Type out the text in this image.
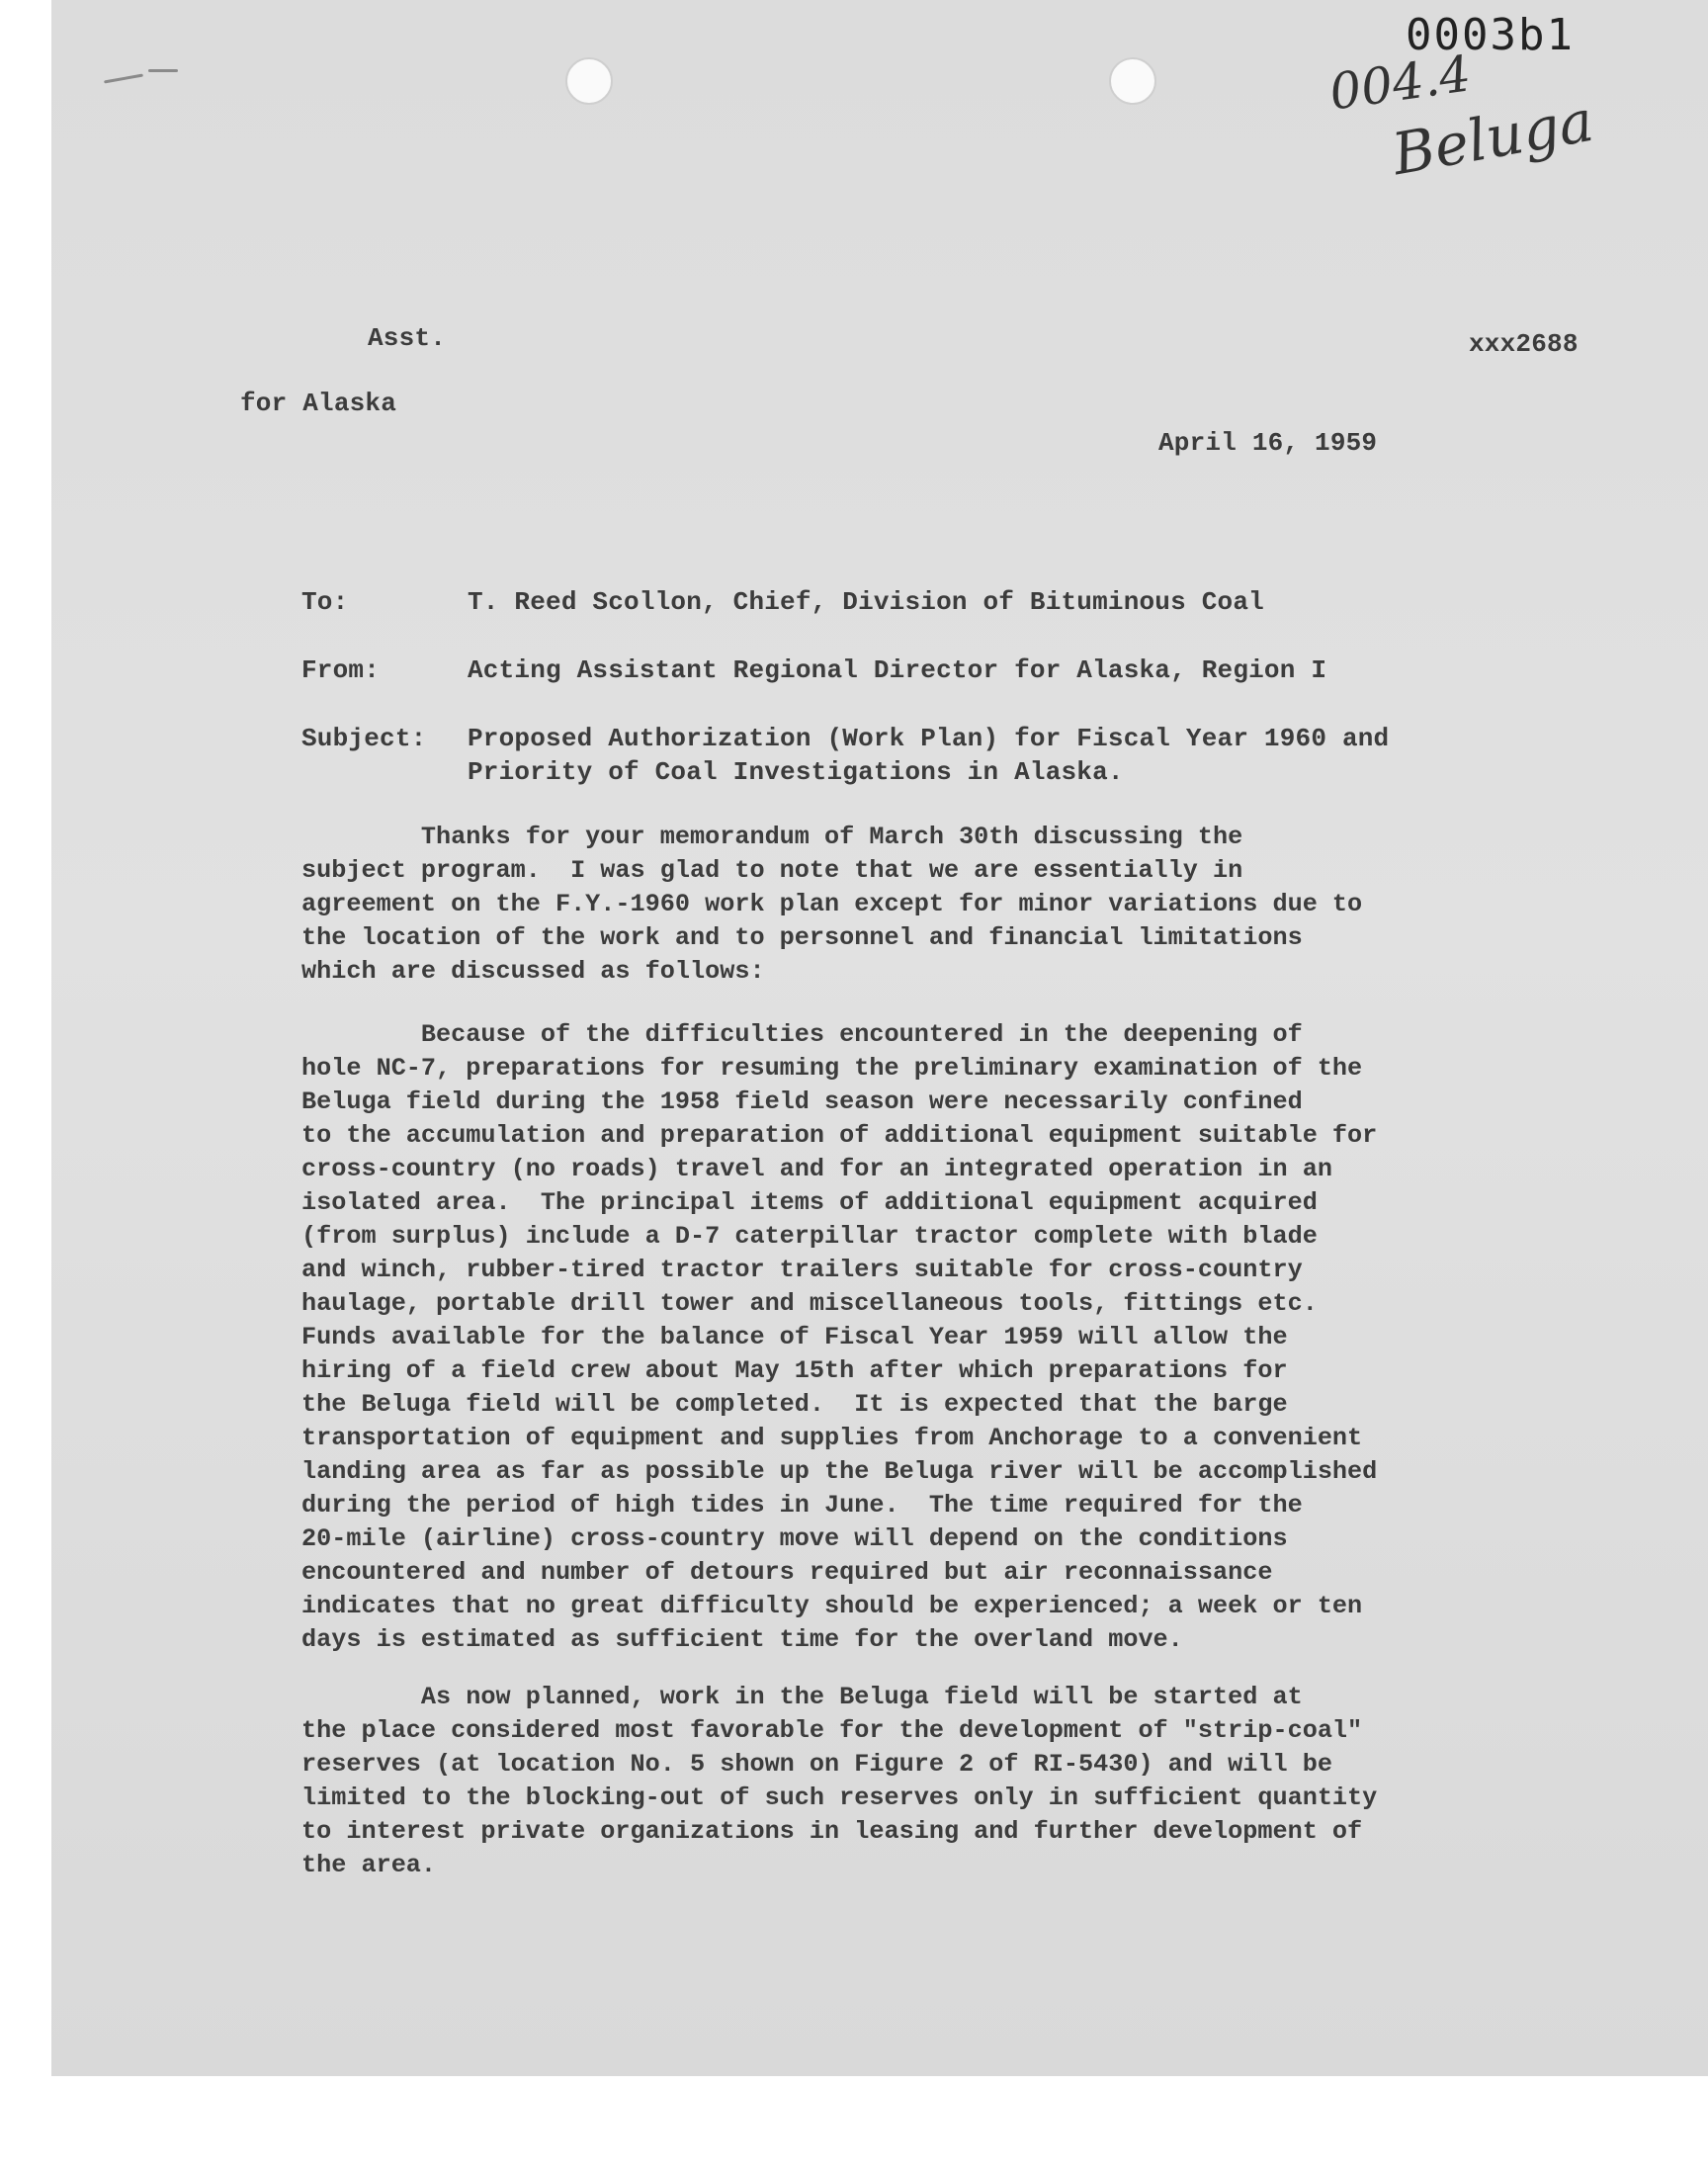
0003b1

004.4

Beluga

Asst.

for Alaska

xxx2688

April 16, 1959

To:	T. Reed Scollon, Chief, Division of Bituminous Coal

From:	Acting Assistant Regional Director for Alaska, Region I

Subject: Proposed Authorization (Work Plan) for Fiscal Year 1960 and

Priority of Coal Investigations in Alaska.

Thanks for your memorandum of March 30th discussing the

subject program.  I was glad to note that we are essentially in

agreement on the F.Y.-1960 work plan except for minor variations due to

the location of the work and to personnel and financial limitations

which are discussed as follows:

Because of the difficulties encountered in the deepening of

hole NC-7, preparations for resuming the preliminary examination of the

Beluga field during the 1958 field season were necessarily confined

to the accumulation and preparation of additional equipment suitable for

cross-country (no roads) travel and for an integrated operation in an

isolated area.  The principal items of additional equipment acquired

(from surplus) include a D-7 caterpillar tractor complete with blade

and winch, rubber-tired tractor trailers suitable for cross-country

haulage, portable drill tower and miscellaneous tools, fittings etc.

Funds available for the balance of Fiscal Year 1959 will allow the

hiring of a field crew about May 15th after which preparations for

the Beluga field will be completed.  It is expected that the barge

transportation of equipment and supplies from Anchorage to a convenient

landing area as far as possible up the Beluga river will be accomplished

during the period of high tides in June.  The time required for the

20-mile (airline) cross-country move will depend on the conditions

encountered and number of detours required but air reconnaissance

indicates that no great difficulty should be experienced; a week or ten

days is estimated as sufficient time for the overland move.

As now planned, work in the Beluga field will be started at

the place considered most favorable for the development of "strip-coal"

reserves (at location No. 5 shown on Figure 2 of RI-5430) and will be

limited to the blocking-out of such reserves only in sufficient quantity

to interest private organizations in leasing and further development of

the area.
